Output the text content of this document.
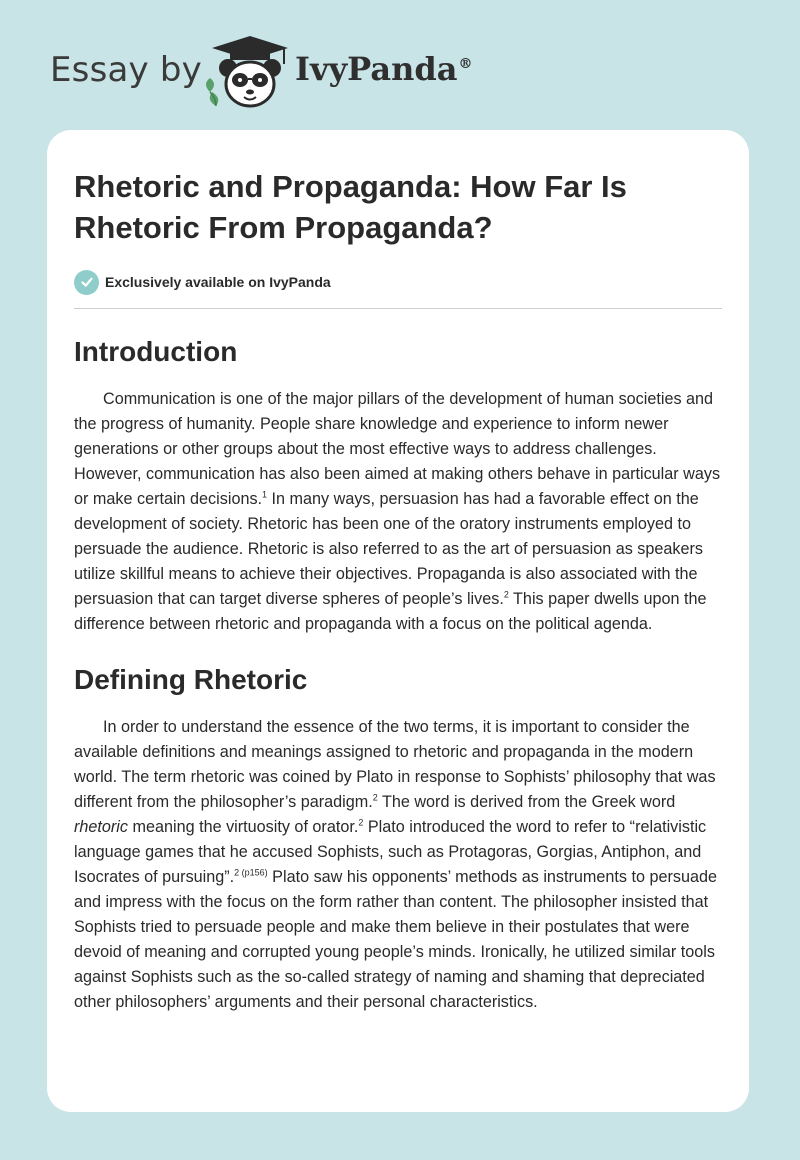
Essay by	IvyPanda®
Rhetoric and Propaganda: How Far Is Rhetoric From Propaganda?
Exclusively available on IvyPanda
Introduction

Communication is one of the major pillars of the development of human societies and the progress of humanity. People share knowledge and experience to inform newer generations or other groups about the most effective ways to address challenges. However, communication has also been aimed at making others behave in particular ways or make certain decisions.$^1$ In many ways, persuasion has had a favorable effect on the development of society. Rhetoric has been one of the oratory instruments employed to persuade the audience. Rhetoric is also referred to as the art of persuasion as speakers utilize skillful means to achieve their objectives. Propaganda is also associated with the persuasion that can target diverse spheres of people’s lives.$^2$ This paper dwells upon the difference between rhetoric and propaganda with a focus on the political agenda.

Defining Rhetoric

In order to understand the essence of the two terms, it is important to consider the available definitions and meanings assigned to rhetoric and propaganda in the modern world. The term rhetoric was coined by Plato in response to Sophists’ philosophy that was different from the philosopher’s paradigm.$^2$ The word is derived from the Greek word rhetoric meaning the virtuosity of orator.$^2$ Plato introduced the word to refer to “relativistic language games that he accused Sophists, such as Protagoras, Gorgias, Antiphon, and Isocrates of pursuing”.$^{2 (p156)}$ Plato saw his opponents’ methods as instruments to persuade and impress with the focus on the form rather than content. The philosopher insisted that Sophists tried to persuade people and make them believe in their postulates that were devoid of meaning and corrupted young people’s minds. Ironically, he utilized similar tools against Sophists such as the so-called strategy of naming and shaming that depreciated other philosophers’ arguments and their personal characteristics.
